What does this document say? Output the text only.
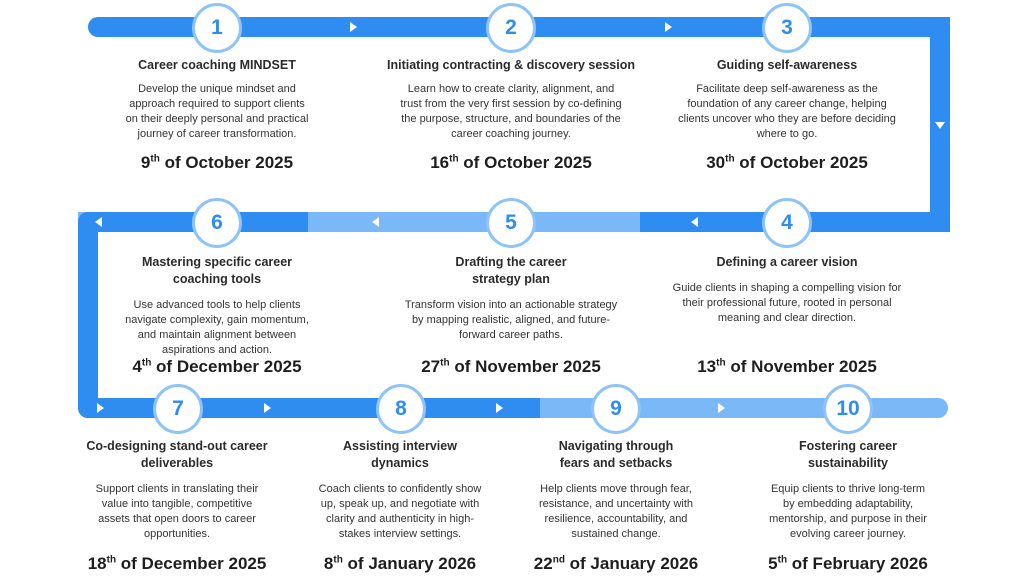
1	2	3
4
5
6
7	8	9	10
Career coaching MINDSET
Develop the unique mindset and
approach required to support clients
on their deeply personal and practical
journey of career transformation.
9th of October 2025
Initiating contracting & discovery session
Learn how to create clarity, alignment, and
trust from the very first session by co-defining
the purpose, structure, and boundaries of the
career coaching journey.
16th of October 2025
Guiding self-awareness
Facilitate deep self-awareness as the
foundation of any career change, helping
clients uncover who they are before deciding
where to go.
30th of October 2025
Defining a career vision
Guide clients in shaping a compelling vision for
their professional future, rooted in personal
meaning and clear direction.
13th of November 2025
Drafting the career
strategy plan
Transform vision into an actionable strategy
by mapping realistic, aligned, and future-
forward career paths.
27th of November 2025
Mastering specific career
coaching tools
Use advanced tools to help clients
navigate complexity, gain momentum,
and maintain alignment between
aspirations and action.
4th of December 2025
Co-designing stand-out career
deliverables
Support clients in translating their
value into tangible, competitive
assets that open doors to career
opportunities.
18th of December 2025
Assisting interview
dynamics
Coach clients to confidently show
up, speak up, and negotiate with
clarity and authenticity in high-
stakes interview settings.
8th of January 2026
Navigating through
fears and setbacks
Help clients move through fear,
resistance, and uncertainty with
resilience, accountability, and
sustained change.
22nd of January 2026
Fostering career
sustainability
Equip clients to thrive long-term
by embedding adaptability,
mentorship, and purpose in their
evolving career journey.
5th of February 2026
